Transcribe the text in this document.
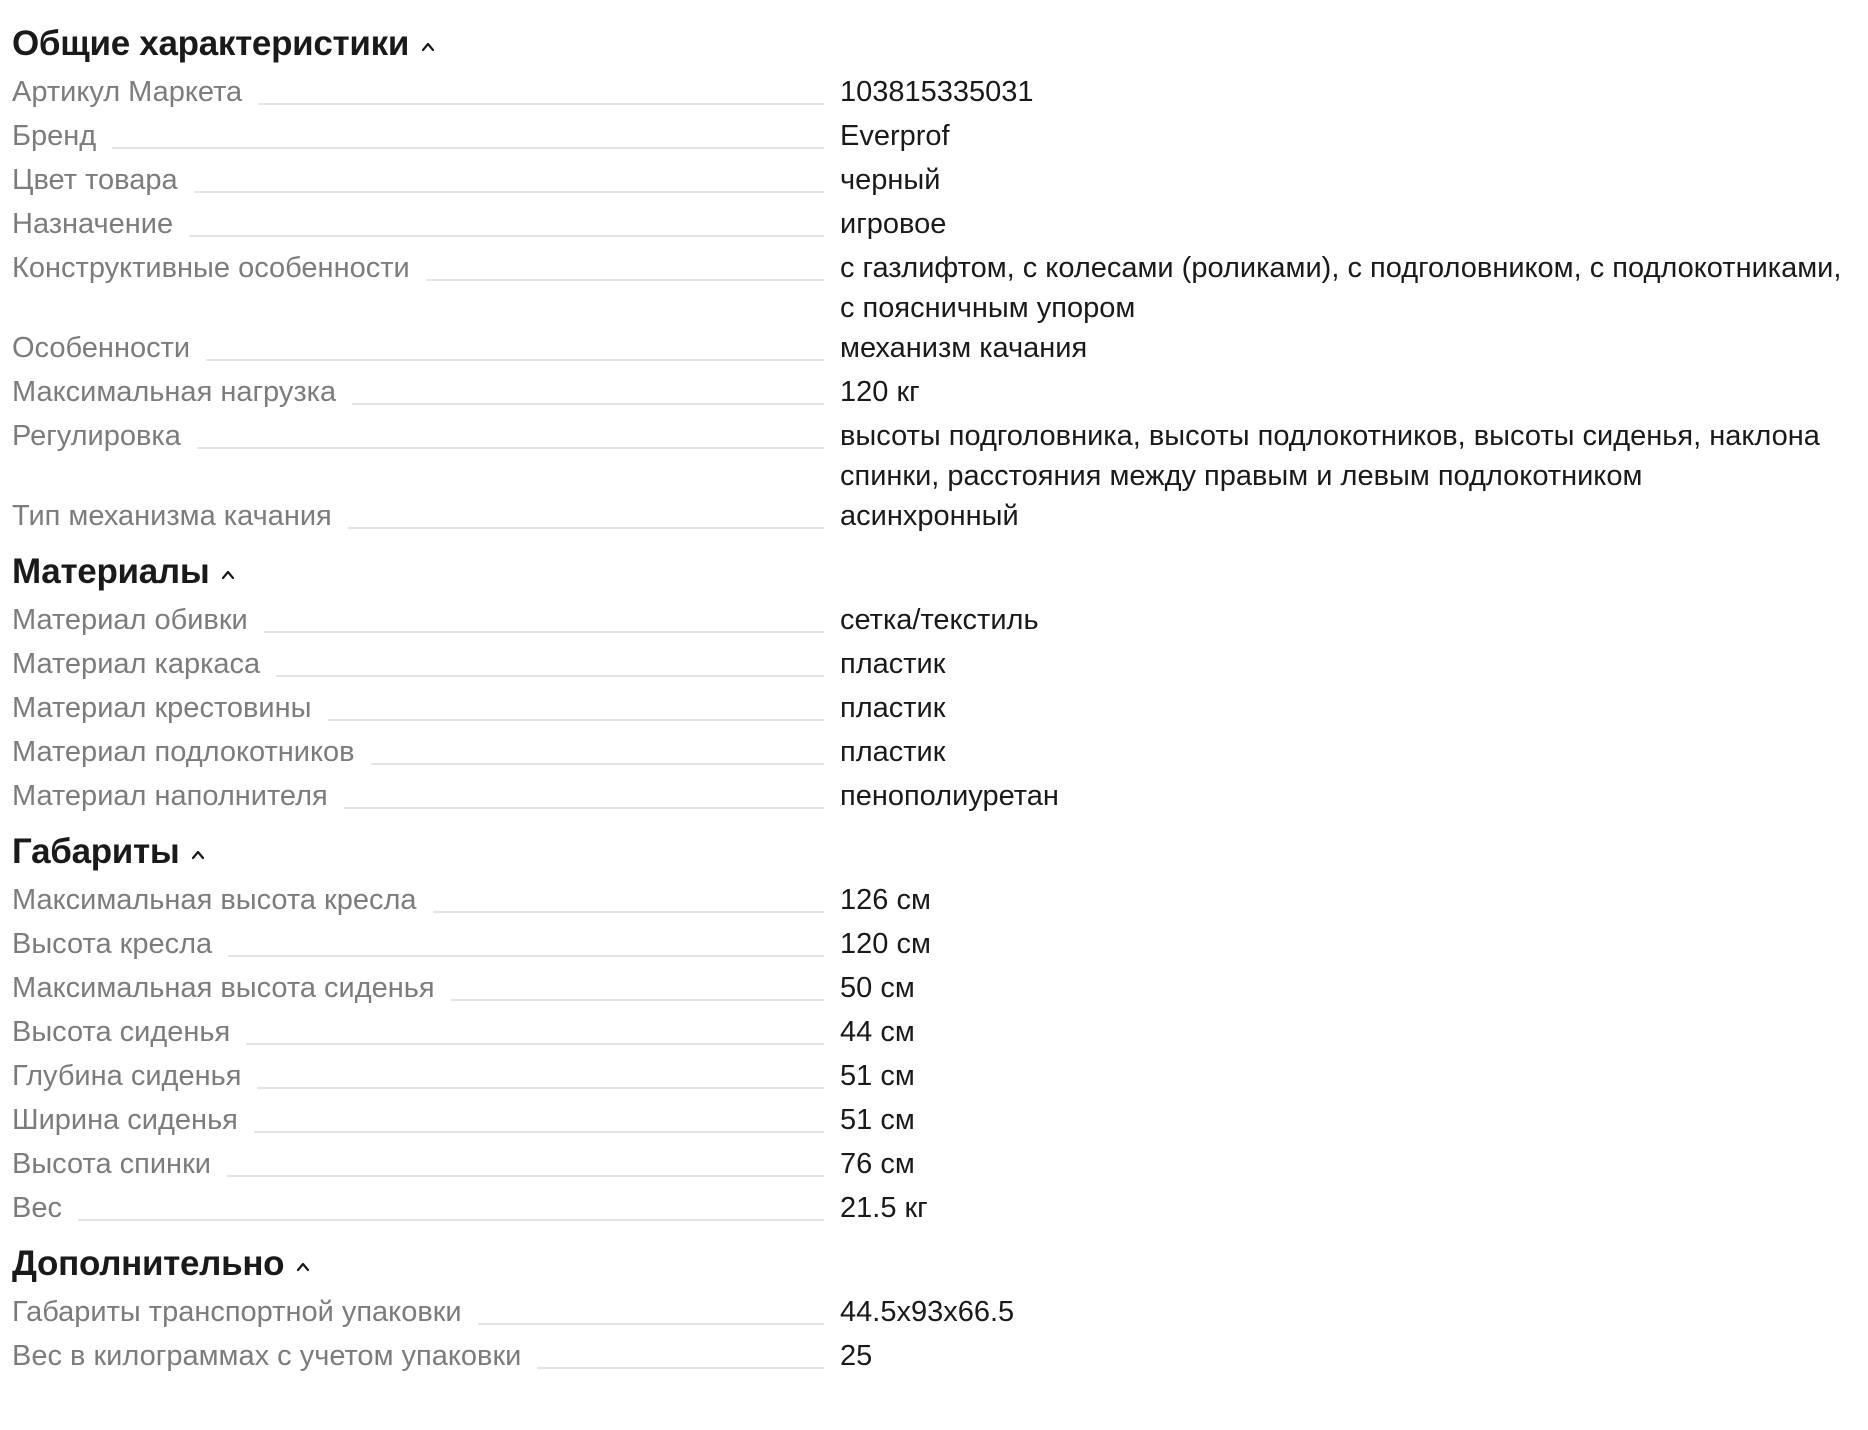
Общие характеристики
Артикул Маркета	103815335031
Бренд	Everprof
Цвет товара	черный
Назначение	игровое
Конструктивные особенности	с газлифтом, с колесами (роликами), с подголовником, с подлокотниками, с поясничным упором
Особенности	механизм качания
Максимальная нагрузка	120 кг
Регулировка	высоты подголовника, высоты подлокотников, высоты сиденья, наклона спинки, расстояния между правым и левым подлокотником
Тип механизма качания	асинхронный
Материалы
Материал обивки	сетка/текстиль
Материал каркаса	пластик
Материал крестовины	пластик
Материал подлокотников	пластик
Материал наполнителя	пенополиуретан
Габариты
Максимальная высота кресла	126 см
Высота кресла	120 см
Максимальная высота сиденья	50 см
Высота сиденья	44 см
Глубина сиденья	51 см
Ширина сиденья	51 см
Высота спинки	76 см
Вес	21.5 кг
Дополнительно
Габариты транспортной упаковки	44.5x93x66.5
Вес в килограммах с учетом упаковки	25
